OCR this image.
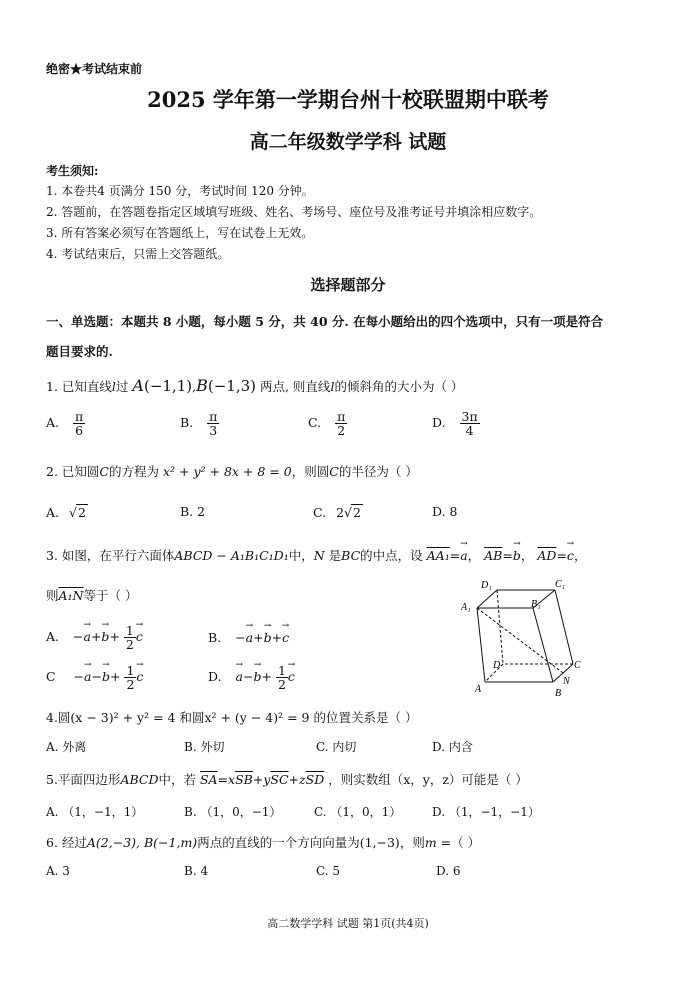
绝密★考试结束前
2025 学年第一学期台州十校联盟期中联考
高二年级数学学科 试题
考生须知:
1. 本卷共4 页满分 150 分，考试时间 120 分钟。
2. 答题前，在答题卷指定区域填写班级、姓名、考场号、座位号及准考证号并填涂相应数字。
3. 所有答案必须写在答题纸上，写在试卷上无效。
4. 考试结束后，只需上交答题纸。
选择题部分
一、单选题：本题共 8 小题，每小题 5 分，共 40 分. 在每小题给出的四个选项中，只有一项是符合
题目要求的.
1. 已知直线l过 A(−1,1),B(−1,3) 两点, 则直线l的倾斜角的大小为（ ）
A. $\frac{\pi}{6}$	B. $\frac{\pi}{3}$	C. $\frac{\pi}{2}$	D. $\frac{3\pi}{4}$
2. 已知圆C的方程为 x² + y² + 8x + 8 = 0，则圆C的半径为（ ）
A. √2	B. 2	C. 2√2	D. 8
3. 如图，在平行六面体ABCD − A₁B₁C₁D₁中，N 是BC的中点，设 AA₁=→ a， $\overline{AB}=\to b$， $\overline{AD}=\to c$，
则A₁N等于（ ）
A. −→ $a+\to b+ \frac{1}{2} \to c$	B. −→ a+→ b+→ c
$C -\to a-\to b+ \frac{1}{2} \to c$	D. → $a-\to b+ \frac{1}{2} \to c$
D₁	C₁
A₁	B₁
D	C
N
A	B
4.圆(x − 3)² + y² = 4 和圆x² + (y − 4)² = 9 的位置关系是（ ）
A. 外离	B. 外切	C. 内切	D. 内含
5.平面四边形ABCD中，若 $\overline{SA}=x\overline{SB}+y\overline{SC}+z\overline{SD}$ ，则实数组（x，y，z）可能是（ ）
A. （1，−1，1）	B. （1，0，−1）	C. （1，0，1）	D. （1，−1，−1）
6. 经过A(2,−3), B(−1,m)两点的直线的一个方向向量为(1,−3)，则m =（ ）
A. 3	B. 4	C. 5	D. 6
高二数学学科 试题 第1页(共4页)
